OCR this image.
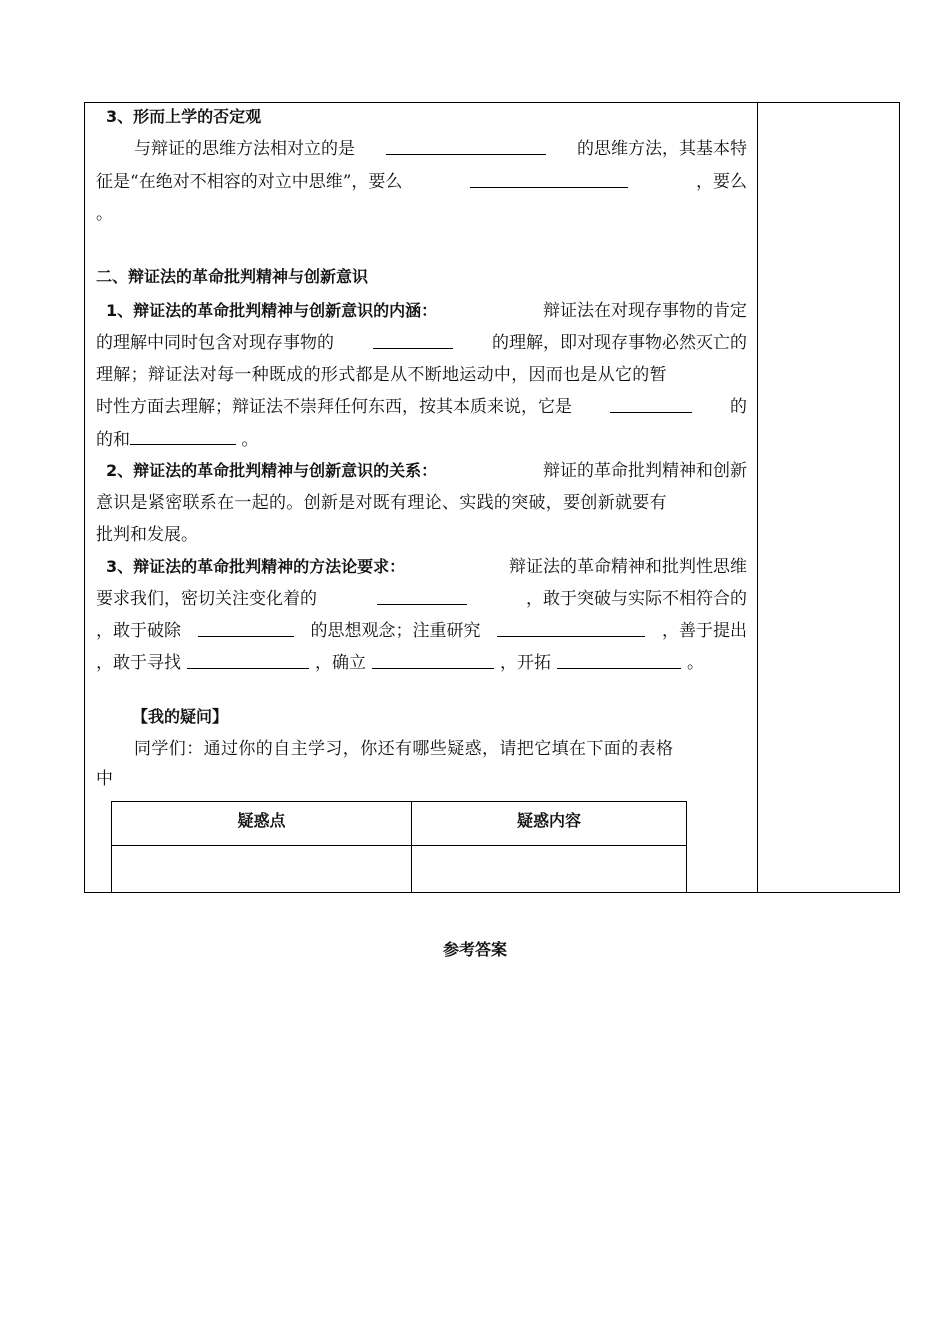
3、形而上学的否定观
与辩证的思维方法相对立的是	的思维方法，其基本特
征是“在绝对不相容的对立中思维”，要么	，要么
。
二、辩证法的革命批判精神与创新意识
1、辩证法的革命批判精神与创新意识的内涵：	辩证法在对现存事物的肯定
的理解中同时包含对现存事物的	的理解，即对现存事物必然灭亡的
理解；辩证法对每一种既成的形式都是从不断地运动中，因而也是从它的暂
时性方面去理解；辩证法不崇拜任何东西，按其本质来说，它是	的
的和	。
2、辩证法的革命批判精神与创新意识的关系：	辩证的革命批判精神和创新
意识是紧密联系在一起的。创新是对既有理论、实践的突破，要创新就要有
批判和发展。
3、辩证法的革命批判精神的方法论要求：	辩证法的革命精神和批判性思维
要求我们，密切关注变化着的	，敢于突破与实际不相符合的
，敢于破除	的思想观念；注重研究	，善于提出
，敢于寻找	，确立	，开拓	。
【我的疑问】
同学们：通过你的自主学习，你还有哪些疑惑，请把它填在下面的表格
中
疑惑点	疑惑内容

参考答案
